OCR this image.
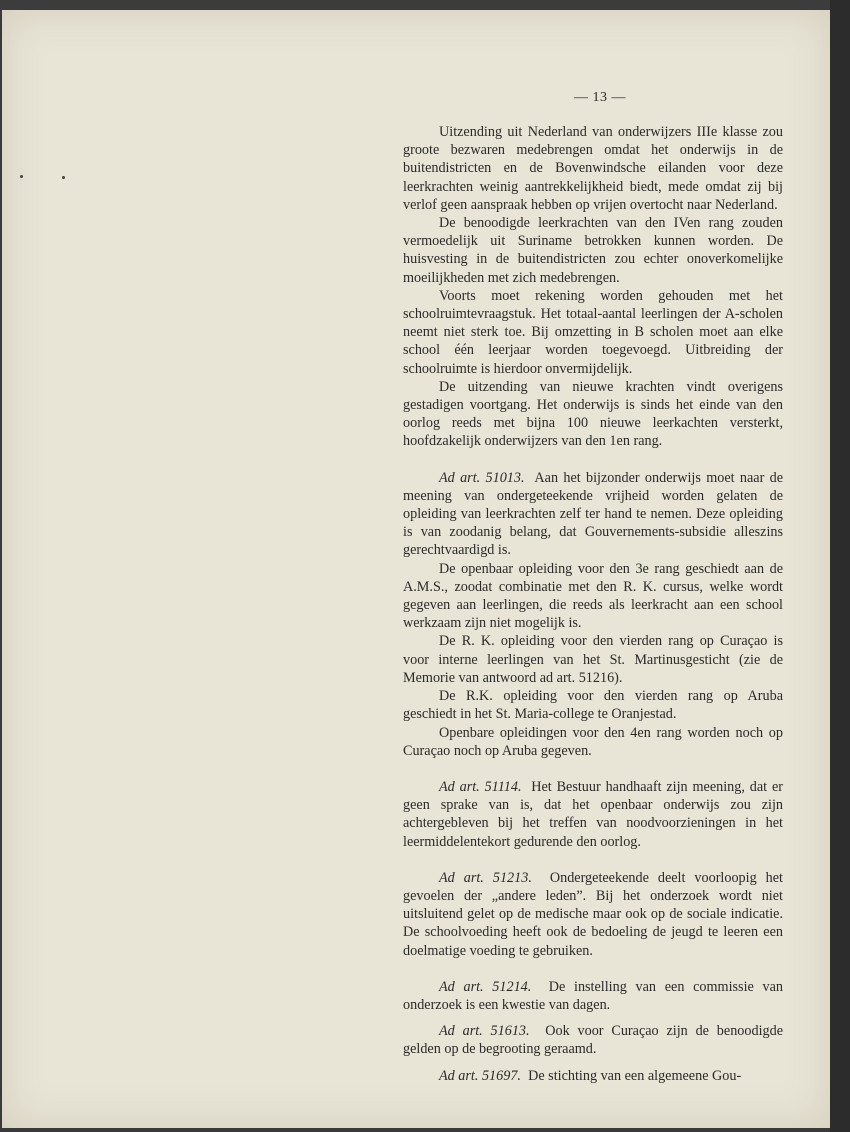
— 13 —

Uitzending uit Nederland van onderwijzers IIIe klasse zou groote bezwaren medebrengen omdat het onderwijs in de buitendistricten en de Bovenwindsche eilanden voor deze leerkrachten weinig aantrekkelijkheid biedt, mede omdat zij bij verlof geen aanspraak hebben op vrijen overtocht naar Nederland.

De benoodigde leerkrachten van den IVen rang zouden vermoedelijk uit Suriname betrokken kunnen worden. De huisvesting in de buitendistricten zou echter onoverkomelijke moeilijkheden met zich medebrengen.

Voorts moet rekening worden gehouden met het schoolruimtevraagstuk. Het totaal-aantal leerlingen der A-scholen neemt niet sterk toe. Bij omzetting in B scholen moet aan elke school één leerjaar worden toegevoegd. Uitbreiding der schoolruimte is hierdoor onvermijdelijk.

De uitzending van nieuwe krachten vindt overigens gestadigen voortgang. Het onderwijs is sinds het einde van den oorlog reeds met bijna 100 nieuwe leerkachten versterkt, hoofdzakelijk onderwijzers van den 1en rang.

Ad art. 51013. Aan het bijzonder onderwijs moet naar de meening van ondergeteekende vrijheid worden gelaten de opleiding van leerkrachten zelf ter hand te nemen. Deze opleiding is van zoodanig belang, dat Gouvernements-subsidie alleszins gerechtvaardigd is.

De openbaar opleiding voor den 3e rang geschiedt aan de A.M.S., zoodat combinatie met den R. K. cursus, welke wordt gegeven aan leerlingen, die reeds als leerkracht aan een school werkzaam zijn niet mogelijk is.

De R. K. opleiding voor den vierden rang op Curaçao is voor interne leerlingen van het St. Martinusgesticht (zie de Memorie van antwoord ad art. 51216).

De R.K. opleiding voor den vierden rang op Aruba geschiedt in het St. Maria-college te Oranjestad.

Openbare opleidingen voor den 4en rang worden noch op Curaçao noch op Aruba gegeven.

Ad art. 51114. Het Bestuur handhaaft zijn meening, dat er geen sprake van is, dat het openbaar onderwijs zou zijn achtergebleven bij het treffen van noodvoorzieningen in het leermiddelentekort gedurende den oorlog.

Ad art. 51213. Ondergeteekende deelt voorloopig het gevoelen der „andere leden”. Bij het onderzoek wordt niet uitsluitend gelet op de medische maar ook op de sociale indicatie. De schoolvoeding heeft ook de bedoeling de jeugd te leeren een doelmatige voeding te gebruiken.

Ad art. 51214. De instelling van een commissie van onderzoek is een kwestie van dagen.

Ad art. 51613. Ook voor Curaçao zijn de benoodigde gelden op de begrooting geraamd.

Ad art. 51697. De stichting van een algemeene Gou-
